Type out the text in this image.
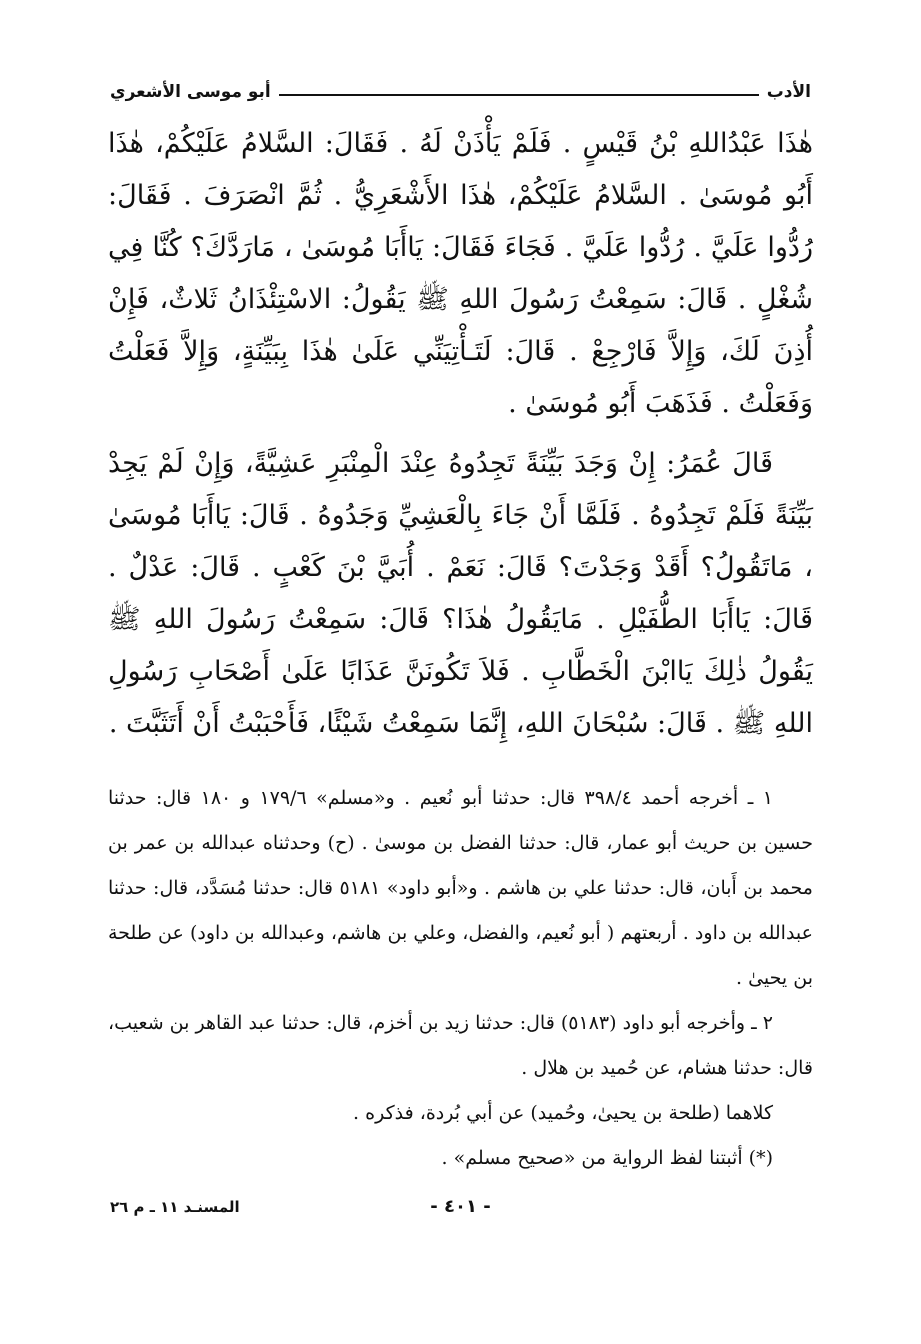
الأدب
أبو موسى الأشعري

هٰذَا عَبْدُاللهِ بْنُ قَيْسٍ . فَلَمْ يَأْذَنْ لَهُ . فَقَالَ: السَّلامُ عَلَيْكُمْ، هٰذَا أَبُو مُوسَىٰ . السَّلامُ عَلَيْكُمْ، هٰذَا الأَشْعَرِيُّ . ثُمَّ انْصَرَفَ . فَقَالَ: رُدُّوا عَلَيَّ . رُدُّوا عَلَيَّ . فَجَاءَ فَقَالَ: يَاأَبَا مُوسَىٰ ، مَارَدَّكَ؟ كُنَّا فِي شُغْلٍ . قَالَ: سَمِعْتُ رَسُولَ اللهِ ﷺ يَقُولُ: الاسْتِئْذَانُ ثَلاثٌ، فَإِنْ أُذِنَ لَكَ، وَإِلاَّ فَارْجِعْ . قَالَ: لَتَـأْتِيَنِّي عَلَىٰ هٰذَا بِبَيِّنَةٍ، وَإِلاَّ فَعَلْتُ وَفَعَلْتُ . فَذَهَبَ أَبُو مُوسَىٰ .

قَالَ عُمَرُ: إِنْ وَجَدَ بَيِّنَةً تَجِدُوهُ عِنْدَ الْمِنْبَرِ عَشِيَّةً، وَإِنْ لَمْ يَجِدْ بَيِّنَةً فَلَمْ تَجِدُوهُ . فَلَمَّا أَنْ جَاءَ بِالْعَشِيِّ وَجَدُوهُ . قَالَ: يَاأَبَا مُوسَىٰ ، مَاتَقُولُ؟ أَقَدْ وَجَدْتَ؟ قَالَ: نَعَمْ . أُبَيَّ بْنَ كَعْبٍ . قَالَ: عَدْلٌ . قَالَ: يَاأَبَا الطُّفَيْلِ . مَايَقُولُ هٰذَا؟ قَالَ: سَمِعْتُ رَسُولَ اللهِ ﷺ يَقُولُ ذٰلِكَ يَاابْنَ الْخَطَّابِ . فَلاَ تَكُونَنَّ عَذَابًا عَلَىٰ أَصْحَابِ رَسُولِ اللهِ ﷺ . قَالَ: سُبْحَانَ اللهِ، إِنَّمَا سَمِعْتُ شَيْئًا، فَأَحْبَبْتُ أَنْ أَتَثَبَّتَ .

١ ـ أخرجه أحمد ٣٩٨/٤ قال: حدثنا أبو نُعيم . و«مسلم» ١٧٩/٦ و ١٨٠ قال: حدثنا حسين بن حريث أبو عمار، قال: حدثنا الفضل بن موسىٰ . (ح) وحدثناه عبدالله بن عمر بن محمد بن أَبان، قال: حدثنا علي بن هاشم . و«أبو داود» ٥١٨١ قال: حدثنا مُسَدَّد، قال: حدثنا عبدالله بن داود . أربعتهم ( أبو نُعيم، والفضل، وعلي بن هاشم، وعبدالله بن داود) عن طلحة بن يحيىٰ .

٢ ـ وأخرجه أبو داود (٥١٨٣) قال: حدثنا زيد بن أخزم، قال: حدثنا عبد القاهر بن شعيب، قال: حدثنا هشام، عن حُميد بن هلال .

كلاهما (طلحة بن يحيىٰ، وحُميد) عن أبي بُردة، فذكره .

(*) أثبتنا لفظ الرواية من «صحيح مسلم» .

- ٤٠١ -
المسنـد ١١ ـ م ٢٦
